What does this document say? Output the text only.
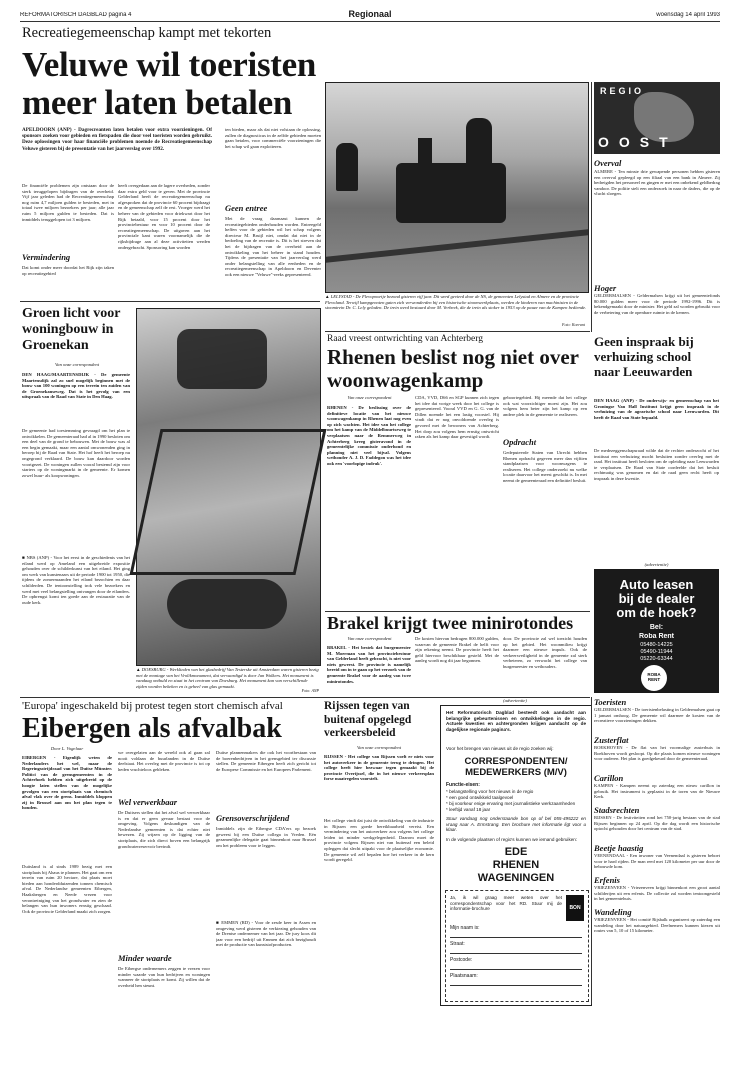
REFORMATORISCH DAGBLAD pagina 4	Regionaal	woensdag 14 april 1993
Recreatiegemeenschap kampt met tekorten
Veluwe wil toeristen meer laten betalen
APELDOORN (ANP) - Dagrecreanten laten betalen voor extra voorzieningen. Of sponsors zoeken voor gebieden en fietspaden die door veel toeristen worden gebruikt. Deze oplossingen voor haar financiële problemen noemde de Recreatiegemeenschap Veluwe gisteren bij de presentatie van het jaarverslag over 1992.
De financiële problemen zijn ontstaan door de sterk teruggelopen bijdragen van de overheid. Vijf jaar geleden had de Recreatiegemeenschap nog ruim 4,7 miljoen gulden te besteden, met in totaal twee miljoen bezoekers per jaar; alle jaar ruim 5 miljoen gulden te besteden. Dat is inmiddels teruggelopen tot 3 miljoen.
Vermindering
Dat komt onder meer doordat het Rijk zijn taken op recreatiegebied
heeft overgedaan aan de lagere overheden, zonder daar extra geld voor te geven. Met de provincie Gelderland heeft de recreatiegemeenschap nu afgesproken dat de provincie 60 procent bijdraagt en de gemeenschap zelf de rest. Vroeger werd het beheer van de gebieden voor driekwart door het Rijk betaald, voor 15 procent door het provinciebestuur en voor 10 procent door de recreatiegemeenschap. De uitgaven aan het provinciale kant waren voornamelijk die de rijksbijdrage aan al deze activiteiten werden ondergebracht. Sponsoring kan worden
ten bieden, maar als dat niet volstaan de oplossing, zullen de diagnosticus in de zelfde gebieden moeten gaan betalen, voor commerciële voorzieningen die het schap wil gaan exploiteren.
Geen entree
Met de vraag daarnaast kunnen de recreatiegebieden onderhouden worden. Entreegeld heffen voor de gebieden wil het schap volgens directeur M. Bruijl niet, omdat dat niet in de bedoeling van de recreatie is. Dit is het streven dat het de bijdragen van de overheid aan de ontwikkeling van het beheer in stand houden. Tijdens de presentatie van het jaarverslag werd onder belangstelling van alle eenheden en de recreatiegemeenschap in Apeldoorn en Deventer ook een nieuwe "Veluwe"-reeks gepresenteerd.
▲ LELYSTAD - De Flevopoortje bezond gisteren vijf jaar. Dit werd gevierd door de NS, de gemeenten Lelystad en Almere en de provincie Flevoland. Terwijl kampgenoten gaten zich verwonderden bij een historische stoomwerkplaats, werden de kinderen van machinisten in de stoomtrein Dr. C. Lely geladen. De trein werd bestuurd door M. Verbeek, die de trein als stoker in 1953 op de pauze van de Kampen bediende.
Foto: Koerant
Groen licht voor woningbouw in Groenekan
Van onze correspondent
DEN HAAG/MAARTENSDIJK - De gemeente Maartensdijk zal zo snel mogelijk beginnen met de bouw van 100 woningen op een terrein ten zuiden van de Groenekanseweg. Dat is het gevolg van een uitspraak van de Raad van State in Den Haag.
De gemeente had toestemming gevraagd om het plan te ontwikkelen. De gemeenteraad had al in 1990 besloten om een deel van de grond te bebouwen. Met de bouw was al een begin gemaakt, maar een aantal omwonenden ging in beroep bij de Raad van State. Het hof heeft het beroep nu ongegrond verklaard. De bouw kan daardoor worden voortgezet. De woningen zullen vooral bestemd zijn voor starters op de woningmarkt in de gemeente. Er komen zowel huur- als koopwoningen.
■ NBS (ANP) - Voor het eerst in de geschiedenis van het eiland werd op Ameland een uitgebreide expositie gehouden over de schilderkunst van het eiland. Het ging om werk van kunstenaars uit de periode 1900 tot 1950, die tijdens de zomermaanden het eiland bezochten en daar schilderden. De tentoonstelling trok vele bezoekers en werd met veel belangstelling ontvangen door de eilanders. De opbrengst komt ten goede aan de restauratie van de oude kerk.
▲ DOESBURG - Werklieden van het glasbedrijf Van Testerske uit Amsterdam waren gisteren bezig met de montage van het Vrolikmonument, dat vervaardigd is door Jan Wolkers. Het monument is vandaag onthuld en staat in het centrum van Doesburg. Het monument kan van verschillende zijden worden bekeken en is geheel van glas gemaakt.
Foto: ANP
Raad vreest ontwrichting van Achterberg
Rhenen beslist nog niet over woonwagenkamp
Van onze correspondent
RHENEN - De beslissing over de definitieve locatie van het nieuwe woonwagenkamp in Rhenen laat nog even op zich wachten. Het idee van het college om het kamp van de Middelbuurtseweg te verplaatsen naar de Remmerweg in Achterberg kreeg gisteravond in de gemeentelijke commissie onderhoud en planning niet veel bijval. Volgens wethouder A. J. D. Faddegon was het idee ook een 'voorlopige indruk'.
CDA, VVD, D66 en SGP kunnen zich tegen het idee dat vorige week door het college is gepresenteerd. Vooral VVD en G. G. van de Dillen noemde het een lastig voorstel. Hij vindt dat er nog onvoldoende overleg is gevoerd met de bewoners van Achterberg. Het dorp zou volgens hem ernstig ontwricht raken als het kamp daar gevestigd wordt.
geboortegebied. Hij meende dat het college ook wat voorzichtiger moest zijn. Het zou volgens hem beter zijn het kamp op een andere plek in de gemeente te realiseren.
Opdracht
Gedeputeerde Staten van Utrecht hebben Rhenen opdracht gegeven meer dan vijftien standplaatsen voor woonwagens te realiseren. Het college onderzoekt nu welke locatie daarvoor het meest geschikt is. In mei neemt de gemeenteraad een definitief besluit.
Geen inspraak bij verhuizing school naar Leeuwarden
DEN HAAG (ANP) - De onderwijs- en gemeenschap van het Groningse Van Hall Instituut krijgt geen inspraak in de verhuizing van de agrarische school naar Leeuwarden. Dit heeft de Raad van State bepaald.
De medezeggenschapsraad wilde dat de rechter onderzocht of het instituut een verhuizing mocht besluiten zonder overleg met de raad. Het instituut heeft besloten om de opleiding naar Leeuwarden te verplaatsen. De Raad van State oordeelde dat het besluit rechtmatig was genomen en dat de raad geen recht heeft op inspraak in deze kwestie.
(advertentie)
Auto leasen
bij de dealer
om de hoek?
Bel:
Roba Rent
05480-14225
05490-11944
05220-63344
ROBA RENT
Brakel krijgt twee minirotondes
Van onze correspondent
BRAKEL - Het bestek dat burgemeester M. Moerman van het provinciebestuur van Gelderland heeft gebracht, is niet voor niets geweest. De provincie is namelijk bereid om in te gaan op het verzoek van de gemeente Brakel voor de aanleg van twee minirotondes.
De kosten hiervan bedragen 800.000 gulden, waarvan de gemeente Brakel de helft voor zijn rekening neemt. De provincie heeft het geld hiervoor beschikbaar gesteld. Met de aanleg wordt nog dit jaar begonnen.
door. De provincie zal wel toezicht houden op het gebied. Het woonmilieu krijgt daarmee een nieuwe impuls. Ook de verkeersveiligheid in de gemeente zal sterk verbeteren, zo verwacht het college van burgemeester en wethouders.
'Europa' ingeschakeld bij protest tegen stort chemisch afval
Eibergen als afvalbak
Door L. Vogelaar
EIBERGEN - Eigenlijk weten de Nederlanders het wel, maar de Regeringsstrijdraad van het Duitse Münster. Politici van de grensgemeenten in de Achterhoek hebben zich uitgebreid op de hoogte laten stellen van de mogelijke gevolgen van een stortplaats van chemisch afval vlak over de grens. Inmiddels kloppen zij in Brussel aan om het plan tegen te houden.
Duitsland is al sinds 1989 bezig met een stortplaats bij Ahaus te plannen. Het gaat om een terrein van ruim 20 hectare, dat plaats moet bieden aan honderdduizenden tonnen chemisch afval. De Nederlandse gemeenten Eibergen, Haaksbergen en Neede vrezen voor verontreiniging van het grondwater en zien de belangen van hun inwoners ernstig geschaad. Ook de provincie Gelderland maakt zich zorgen.
we overgelaten aan de wereld ook al gaan zal nooit voldaan de buurlanden in de Duitse deelstaat. Het overleg met de provincie is tot op heden vruchteloos gebleken.
Wel verwerkbaar
De Duitsers stellen dat het afval wel verwerkbaar is en dat er geen gevaar bestaat voor de omgeving. Volgens deskundigen van de Nederlandse gemeenten is dat echter niet bewezen. Zij wijzen op de ligging van de stortplaats, die zich direct boven een belangrijk grondwaterreservoir bevindt.
Minder waarde
De Eibergse ondernemers zeggen te vrezen voor minder waarde van hun bedrijven en woningen wanneer de stortplaats er komt. Zij willen dat de overheid hen steunt.
Duitse plannenmakers die ook het voortbestaan van de boerenbedrijven in het grensgebied ter discussie stellen. De gemeente Eibergen heeft zich gericht tot de Europese Commissie en het Europees Parlement.
Grensoverschrijdend
Inmiddels zijn de Eibergse CDA'ers op bezoek geweest bij een Duitse collega in Vreden. Eén gezamenlijke delegatie gaat binnenkort naar Brussel om het probleem voor te leggen.
■ EMMEN (RD) - Voor de zesde keer in Assen en omgeving werd gisteren de verkiezing gehouden van de Drentse ondernemer van het jaar. De jury koos dit jaar voor een bedrijf uit Emmen dat zich bezighoudt met de productie van kunststofproducten.
Rijssen tegen van buitenaf opgelegd verkeersbeleid
Van onze correspondent
RIJSSEN - Het college van Rijssen voelt er niets voor het autoverkeer in de gemeente terug te dringen. Het college heeft hier bezwaar tegen gemaakt bij de provincie Overijssel, die in het nieuwe verkeersplan forse maatregelen voorstelt.
Het college vindt dat juist de ontwikkeling van de industrie in Rijssen een goede bereikbaarheid vereist. Een vermindering van het autoverkeer zou volgens het college leiden tot minder werkgelegenheid. Daarom moet de provincie volgens Rijssen niet van buitenaf een beleid opleggen dat slecht uitpakt voor de plaatselijke economie. De gemeente wil zelf bepalen hoe het verkeer in de kern wordt geregeld.
(advertentie)
Het Reformatorisch Dagblad besteedt ook aandacht aan belangrijke gebeurtenissen en ontwikkelingen in de regio. Actuele kwesties en achtergronden krijgen aandacht op de dagelijkse regionale pagina's.
Voor het brengen van nieuws uit de regio zoeken wij:
CORRESPONDENTEN/
MEDEWERKERS (M/V)
Functie-eisen:
* belangstelling voor het nieuws in de regio
* een goed ontwikkeld taalgevoel
* bij voorkeur enige ervaring met journalistieke werkzaamheden
* leeftijd vanaf 18 jaar
Stuur vandaag nog onderstaande bon op of bel 055-495222 en vraag naar A. Ermstrang. Een brochure met informatie ligt voor u klaar.
In de volgende plaatsen of regio's kunnen we iemand gebruiken:
EDE
RHENEN
WAGENINGEN
Ja, ik wil graag meer weten over het correspondentschap voor het RD. Stuur mij de informatie-brochure	BON
Mijn naam is:
Straat:
Postcode:
Plaatsnaam:
REGIO
OOST
Overval
ALMERE - Ten minste drie gewapende personen hebben gisteren een overval gepleegd op een filiaal van een bank in Almere. Zij bedreigden het personeel en gingen er met een onbekend geldbedrag vandoor. De politie stelt een onderzoek in naar de daders, die op de vlucht sloegen.
Hoger
GELDERMALSEN - Geldermalsen krijgt uit het gemeentefonds 80.000 gulden meer voor de periode 1992-1996. Dit is bekendgemaakt door de minister. Het geld zal worden gebruikt voor de verbetering van de openbare ruimte in de kernen.
Toeristen
GELDERMALSEN - De toeristenbelasting in Geldermalsen gaat op 1 januari omhoog. De gemeente wil daarmee de kosten van de recreatieve voorzieningen dekken.
Zusterflat
BOEKHOVEN - De flat van het voormalige zusterhuis in Boekhoven wordt gesloopt. Op die plaats komen nieuwe woningen voor ouderen. Het plan is goedgekeurd door de gemeenteraad.
Carillon
KAMPEN - Kampen neemt op zaterdag een nieuw carillon in gebruik. Het instrument is geplaatst in de toren van de Nieuwe Kerk.
Stadsrechten
RIJSSEN - De festiviteiten rond het 750-jarig bestaan van de stad Rijssen beginnen op 24 april. Op die dag wordt een historische optocht gehouden door het centrum van de stad.
Beetje haastig
VEENENDAAL - Een inwoner van Veenendaal is gisteren beboet voor te hard rijden. De man reed met 120 kilometer per uur door de bebouwde kom.
Erfenis
VRIEZENVEEN - Vriezenveen krijgt binnenkort een groot aantal schilderijen uit een erfenis. De collectie zal worden tentoongesteld in het gemeentehuis.
Wandeling
VRIEZENVEEN - Het comité Rijsbalk organiseert op zaterdag een wandeling door het natuurgebied. Deelnemers kunnen kiezen uit routes van 5, 10 of 15 kilometer.
